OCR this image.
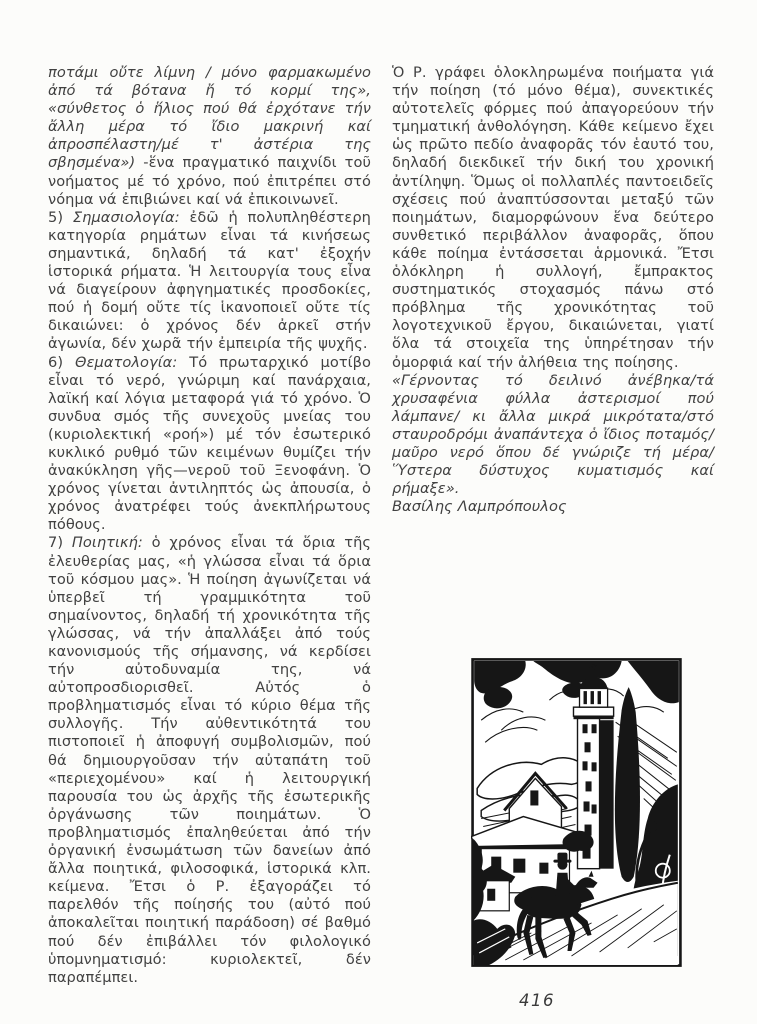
ποτάμι οὔτε λίμνη / μόνο φαρμακωμένο ἀπό τά βότανα ἤ τό κορμί της», «σύνθετος ὁ ἥλιος πού θά ἐρχότανε τήν ἄλλη μέρα τό ἴδιο μακρινή καί ἀπροσπέλαστη/μέ τ' ἀστέρια της σβησμένα») -ἕνα πραγματικό παιχνίδι τοῦ νοήματος μέ τό χρόνο, πού ἐπιτρέπει στό νόημα νά ἐπιβιώνει καί νά ἐπικοινωνεῖ.

5) Σημασιολογία: ἐδῶ ἡ πολυπληθέστερη κατηγορία ρημάτων εἶναι τά κινήσεως σημαντικά, δηλαδή τά κατ' ἐξοχήν ἱστορικά ρήματα. Ἡ λειτουργία τους εἶνα νά διαγείρουν ἀφηγηματικές προσδοκίες, πού ἡ δομή οὔτε τίς ἱκανοποιεῖ οὔτε τίς δικαιώνει: ὁ χρόνος δέν ἀρκεῖ στήν ἀγωνία, δέν χωρᾶ τήν ἐμπειρία τῆς ψυχῆς.

6) Θεματολογία: Τό πρωταρχικό μοτίβο εἶναι τό νερό, γνώριμη καί πανάρχαια, λαϊκή καί λόγια μεταφορά γιά τό χρόνο. Ὁ συνδυα σμός τῆς συνεχοῦς μνείας του (κυριολεκτική «ροή») μέ τόν ἐσωτερικό κυκλικό ρυθμό τῶν κειμένων θυμίζει τήν ἀνακύκληση γῆς—νεροῦ τοῦ Ξενοφάνη. Ὁ χρόνος γίνεται ἀντιληπτός ὡς ἀπουσία, ὁ χρόνος ἀνατρέφει τούς ἀνεκπλήρωτους πόθους.

7) Ποιητική: ὁ χρόνος εἶναι τά ὅρια τῆς ἐλευθερίας μας, «ἡ γλώσσα εἶναι τά ὅρια τοῦ κόσμου μας». Ἡ ποίηση ἀγωνίζεται νά ὑπερβεῖ τή γραμμικότητα τοῦ σημαίνοντος, δηλαδή τή χρονικότητα τῆς γλώσσας, νά τήν ἀπαλλάξει ἀπό τούς κανονισμούς τῆς σήμανσης, νά κερδίσει τήν αὐτοδυναμία της, νά αὐτοπροσδιορισθεῖ. Αὐτός ὁ προβληματισμός εἶναι τό κύριο θέμα τῆς συλλογῆς. Τήν αὐθεντικότητά του πιστοποιεῖ ἡ ἀποφυγή συμβολισμῶν, πού θά δημιουργοῦσαν τήν αὐταπάτη τοῦ «περιεχομένου» καί ἡ λειτουργική παρουσία του ὡς ἀρχῆς τῆς ἐσωτερικῆς ὀργάνωσης τῶν ποιημάτων. Ὁ προβληματισμός ἐπαληθεύεται ἀπό τήν ὀργανική ἐνσωμάτωση τῶν δανείων ἀπό ἄλλα ποιητικά, φιλοσοφικά, ἱστορικά κλπ. κείμενα. Ἔτσι ὁ Ρ. ἐξαγοράζει τό παρελθόν τῆς ποίησής του (αὐτό πού ἀποκαλεῖται ποιητική παράδοση) σέ βαθμό πού δέν ἐπιβάλλει τόν φιλολογικό ὑπομνηματισμό: κυριολεκτεῖ, δέν παραπέμπει.

Ὁ Ρ. γράφει ὁλοκληρωμένα ποιήματα γιά τήν ποίηση (τό μόνο θέμα), συνεκτικές αὐτοτελεῖς φόρμες πού ἀπαγορεύουν τήν τμηματική ἀνθολόγηση. Κάθε κείμενο ἔχει ὡς πρῶτο πεδίο ἀναφορᾶς τόν ἑαυτό του, δηλαδή διεκδικεῖ τήν δική του χρονική ἀντίληψη. Ὅμως οἱ πολλαπλές παντοειδεῖς σχέσεις πού ἀναπτύσσονται μεταξύ τῶν ποιημάτων, διαμορφώνουν ἕνα δεύτερο συνθετικό περιβάλλον ἀναφορᾶς, ὅπου κάθε ποίημα ἐντάσσεται ἁρμονικά. Ἔτσι ὁλόκληρη ἡ συλλογή, ἔμπρακτος συστηματικός στοχασμός πάνω στό πρόβλημα τῆς χρονικότητας τοῦ λογοτεχνικοῦ ἔργου, δικαιώνεται, γιατί ὅλα τά στοιχεῖα της ὑπηρέτησαν τήν ὀμορφιά καί τήν ἀλήθεια της ποίησης.

«Γέρνοντας τό δειλινό ἀνέβηκα/τά χρυσαφένια φύλλα ἀστερισμοί πού λάμπανε/ κι ἄλλα μικρά μικρότατα/στό σταυροδρόμι ἀναπάντεχα ὁ ἴδιος ποταμός/μαῦρο νερό ὅπου δέ γνώριζε τή μέρα/Ὕστερα δύστυχος κυματισμός καί ρήμαξε».

Βασίλης Λαμπρόπουλος

416
